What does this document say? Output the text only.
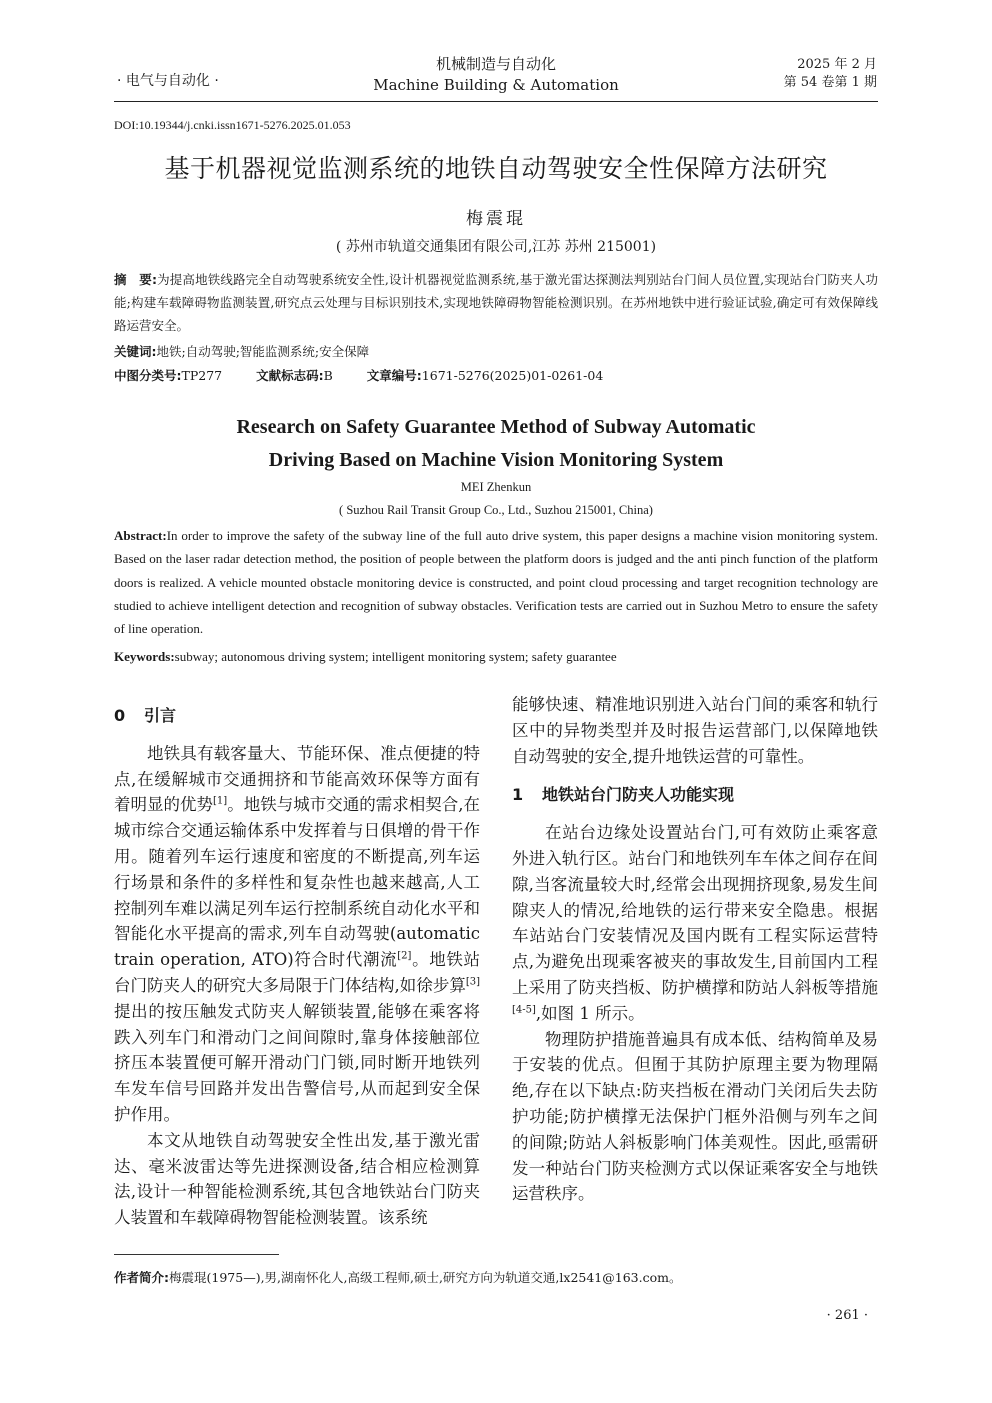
· 电气与自动化 ·
机械制造与自动化
Machine Building & Automation
2025 年 2 月
第 54 卷第 1 期
DOI:10.19344/j.cnki.issn1671-5276.2025.01.053
基于机器视觉监测系统的地铁自动驾驶安全性保障方法研究
梅震琨
( 苏州市轨道交通集团有限公司,江苏 苏州 215001)
摘　要:为提高地铁线路完全自动驾驶系统安全性,设计机器视觉监测系统,基于激光雷达探测法判别站台门间人员位置,实现站台门防夹人功能;构建车载障碍物监测装置,研究点云处理与目标识别技术,实现地铁障碍物智能检测识别。在苏州地铁中进行验证试验,确定可有效保障线路运营安全。
关键词:地铁;自动驾驶;智能监测系统;安全保障
中图分类号:TP277	文献标志码:B	文章编号:1671-5276(2025)01-0261-04
Research on Safety Guarantee Method of Subway Automatic
Driving Based on Machine Vision Monitoring System
MEI Zhenkun
( Suzhou Rail Transit Group Co., Ltd., Suzhou 215001, China)
Abstract:In order to improve the safety of the subway line of the full auto drive system, this paper designs a machine vision monitoring system. Based on the laser radar detection method, the position of people between the platform doors is judged and the anti pinch function of the platform doors is realized. A vehicle mounted obstacle monitoring device is constructed, and point cloud processing and target recognition technology are studied to achieve intelligent detection and recognition of subway obstacles. Verification tests are carried out in Suzhou Metro to ensure the safety of line operation.
Keywords:subway; autonomous driving system; intelligent monitoring system; safety guarantee
0 引言

地铁具有载客量大、节能环保、准点便捷的特点,在缓解城市交通拥挤和节能高效环保等方面有着明显的优势[1]。地铁与城市交通的需求相契合,在城市综合交通运输体系中发挥着与日俱增的骨干作用。随着列车运行速度和密度的不断提高,列车运行场景和条件的多样性和复杂性也越来越高,人工控制列车难以满足列车运行控制系统自动化水平和智能化水平提高的需求,列车自动驾驶(automatic train operation, ATO)符合时代潮流[2]。地铁站台门防夹人的研究大多局限于门体结构,如徐步算[3]提出的按压触发式防夹人解锁装置,能够在乘客将跌入列车门和滑动门之间间隙时,靠身体接触部位挤压本装置便可解开滑动门门锁,同时断开地铁列车发车信号回路并发出告警信号,从而起到安全保护作用。

本文从地铁自动驾驶安全性出发,基于激光雷达、毫米波雷达等先进探测设备,结合相应检测算法,设计一种智能检测系统,其包含地铁站台门防夹人装置和车载障碍物智能检测装置。该系统

能够快速、精准地识别进入站台门间的乘客和轨行区中的异物类型并及时报告运营部门,以保障地铁自动驾驶的安全,提升地铁运营的可靠性。

1 地铁站台门防夹人功能实现

在站台边缘处设置站台门,可有效防止乘客意外进入轨行区。站台门和地铁列车车体之间存在间隙,当客流量较大时,经常会出现拥挤现象,易发生间隙夹人的情况,给地铁的运行带来安全隐患。根据车站站台门安装情况及国内既有工程实际运营特点,为避免出现乘客被夹的事故发生,目前国内工程上采用了防夹挡板、防护横撑和防站人斜板等措施[4-5],如图 1 所示。

物理防护措施普遍具有成本低、结构简单及易于安装的优点。但囿于其防护原理主要为物理隔绝,存在以下缺点:防夹挡板在滑动门关闭后失去防护功能;防护横撑无法保护门框外沿侧与列车之间的间隙;防站人斜板影响门体美观性。因此,亟需研发一种站台门防夹检测方式以保证乘客安全与地铁运营秩序。

作者简介:梅震琨(1975—),男,湖南怀化人,高级工程师,硕士,研究方向为轨道交通,lx2541@163.com。
· 261 ·
